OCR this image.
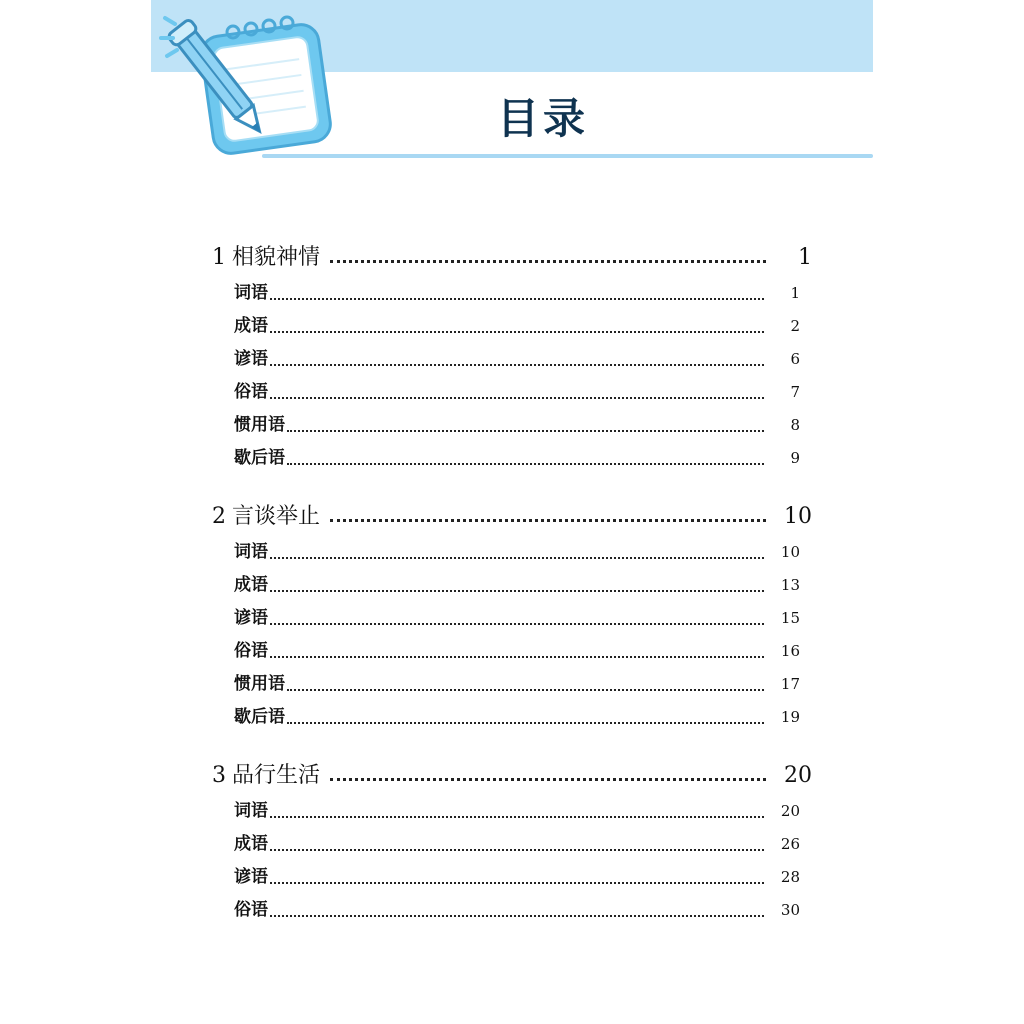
目录
1 相貌神情	1
词语	1
成语	2
谚语	6
俗语	7
惯用语	8
歇后语	9
2 言谈举止	10
词语	10
成语	13
谚语	15
俗语	16
惯用语	17
歇后语	19
3 品行生活	20
词语	20
成语	26
谚语	28
俗语	30
